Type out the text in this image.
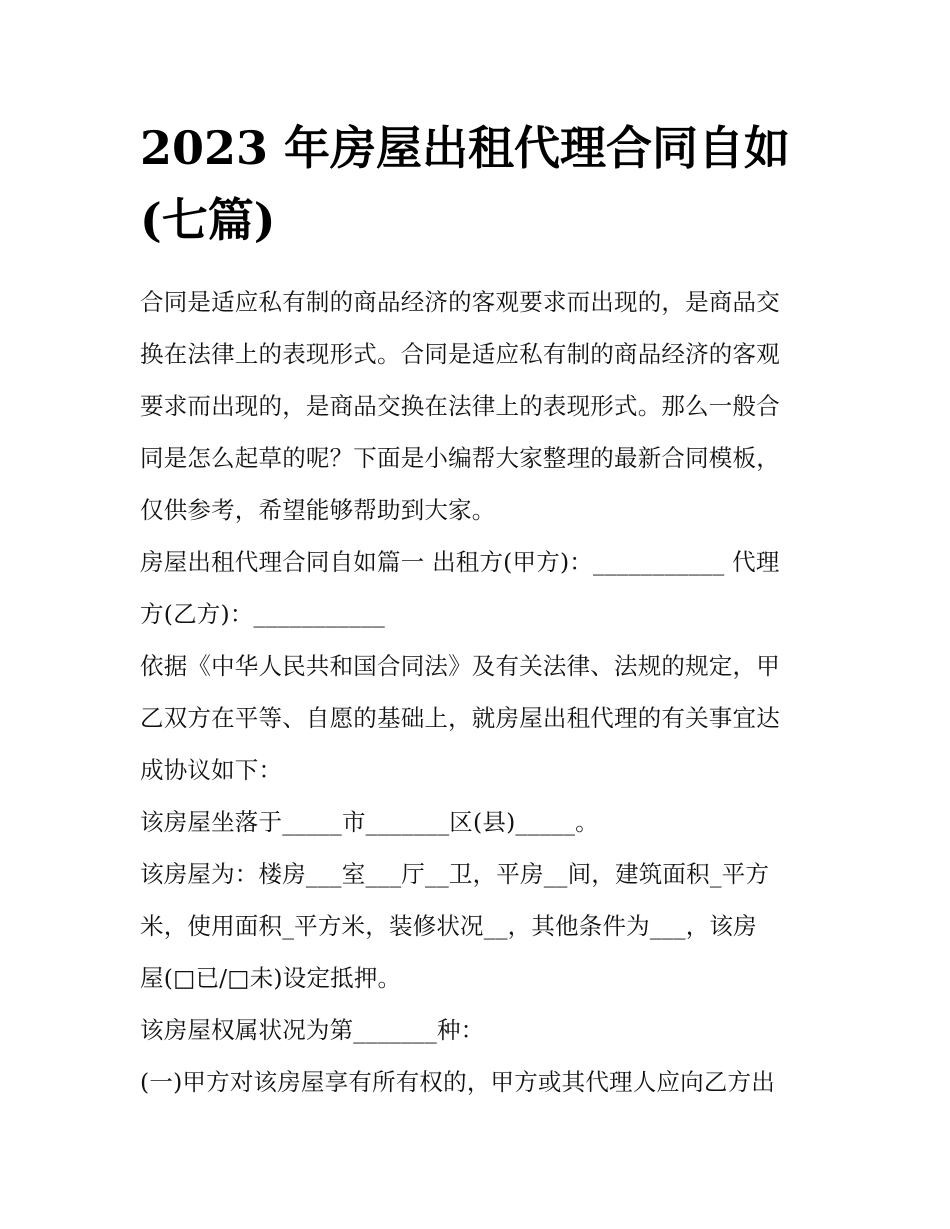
2023 年房屋出租代理合同自如
(七篇)
合同是适应私有制的商品经济的客观要求而出现的，是商品交
换在法律上的表现形式。合同是适应私有制的商品经济的客观
要求而出现的，是商品交换在法律上的表现形式。那么一般合
同是怎么起草的呢？下面是小编帮大家整理的最新合同模板，
仅供参考，希望能够帮助到大家。
房屋出租代理合同自如篇一 出租方(甲方)：___________ 代理
方(乙方)：___________
依据《中华人民共和国合同法》及有关法律、法规的规定，甲
乙双方在平等、自愿的基础上，就房屋出租代理的有关事宜达
成协议如下：
该房屋坐落于_____市_______区(县)_____。
该房屋为：楼房___室___厅__卫，平房__间，建筑面积_平方
米，使用面积_平方米，装修状况__，其他条件为___，该房
屋(□已/□未)设定抵押。
该房屋权属状况为第_______种：
(一)甲方对该房屋享有所有权的，甲方或其代理人应向乙方出
